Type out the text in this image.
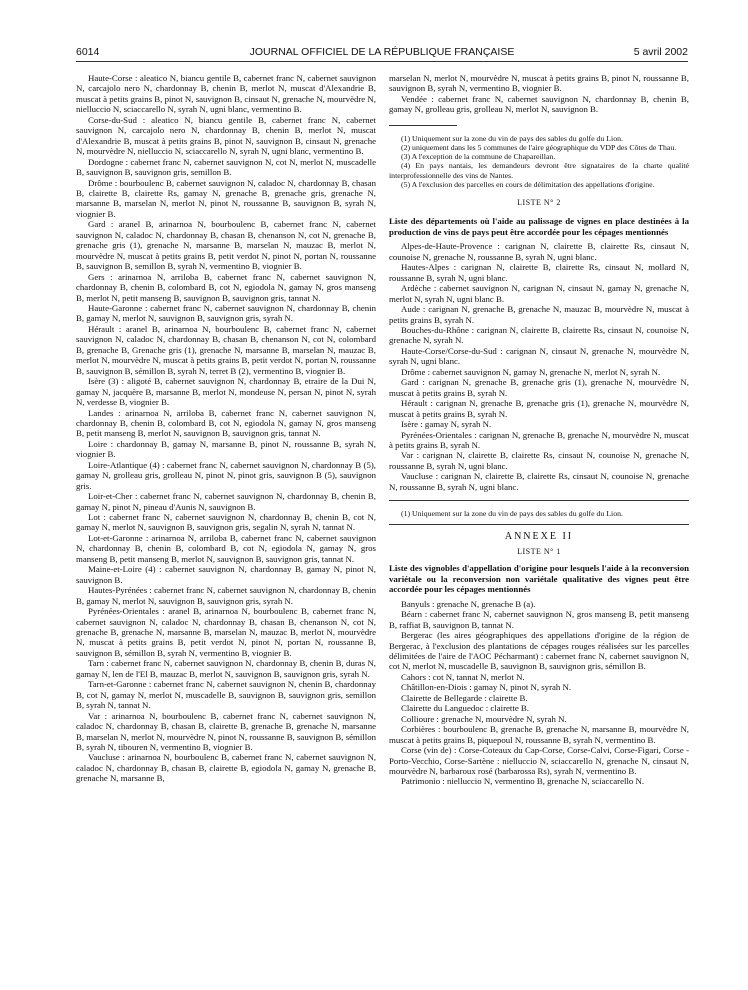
6014	JOURNAL OFFICIEL DE LA RÉPUBLIQUE FRANÇAISE	5 avril 2002

Haute-Corse : aleatico N, biancu gentile B, cabernet franc N, cabernet sauvignon N, carcajolo nero N, chardonnay B, chenin B, merlot N, muscat d'Alexandrie B, muscat à petits grains B, pinot N, sauvignon B, cinsaut N, grenache N, mourvèdre N, nielluccio N, sciaccarello N, syrah N, ugni blanc, vermentino B.

Corse-du-Sud : aleatico N, biancu gentile B, cabernet franc N, cabernet sauvignon N, carcajolo nero N, chardonnay B, chenin B, merlot N, muscat d'Alexandrie B, muscat à petits grains B, pinot N, sauvignon B, cinsaut N, grenache N, mourvèdre N, nielluccio N, sciaccarello N, syrah N, ugni blanc, vermentino B.

Dordogne : cabernet franc N, cabernet sauvignon N, cot N, merlot N, muscadelle B, sauvignon B, sauvignon gris, semillon B.

Drôme : bourboulenc B, cabernet sauvignon N, caladoc N, chardonnay B, chasan B, clairette B, clairette Rs, gamay N, grenache B, grenache gris, grenache N, marsanne B, marselan N, merlot N, pinot N, roussanne B, sauvignon B, syrah N, viognier B.

Gard : aranel B, arinarnoa N, bourboulenc B, cabernet franc N, cabernet sauvignon N, caladoc N, chardonnay B, chasan B, chenanson N, cot N, grenache B, grenache gris (1), grenache N, marsanne B, marselan N, mauzac B, merlot N, mourvèdre N, muscat à petits grains B, petit verdot N, pinot N, portan N, roussanne B, sauvignon B, semillon B, syrah N, vermentino B, viognier B.

Gers : arinarnoa N, arriloba B, cabernet franc N, cabernet sauvignon N, chardonnay B, chenin B, colombard B, cot N, egiodola N, gamay N, gros manseng B, merlot N, petit manseng B, sauvignon B, sauvignon gris, tannat N.

Haute-Garonne : cabernet franc N, cabernet sauvignon N, chardonnay B, chenin B, gamay N, merlot N, sauvignon B, sauvignon gris, syrah N.

Hérault : aranel B, arinarnoa N, bourboulenc B, cabernet franc N, cabernet sauvignon N, caladoc N, chardonnay B, chasan B, chenanson N, cot N, colombard B, grenache B, Grenache gris (1), grenache N, marsanne B, marselan N, mauzac B, merlot N, mourvèdre N, muscat à petits grains B, petit verdot N, portan N, roussanne B, sauvignon B, sémillon B, syrah N, terret B (2), vermentino B, viognier B.

Isère (3) : aligoté B, cabernet sauvignon N, chardonnay B, etraire de la Dui N, gamay N, jacquère B, marsanne B, merlot N, mondeuse N, persan N, pinot N, syrah N, verdesse B, viognier B.

Landes : arinarnoa N, arriloba B, cabernet franc N, cabernet sauvignon N, chardonnay B, chenin B, colombard B, cot N, egiodola N, gamay N, gros manseng B, petit manseng B, merlot N, sauvignon B, sauvignon gris, tannat N.

Loire : chardonnay B, gamay N, marsanne B, pinot N, roussanne B, syrah N, viognier B.

Loire-Atlantique (4) : cabernet franc N, cabernet sauvignon N, chardonnay B (5), gamay N, grolleau gris, grolleau N, pinot N, pinot gris, sauvignon B (5), sauvignon gris.

Loir-et-Cher : cabernet franc N, cabernet sauvignon N, chardonnay B, chenin B, gamay N, pinot N, pineau d'Aunis N, sauvignon B.

Lot : cabernet franc N, cabernet sauvignon N, chardonnay B, chenin B, cot N, gamay N, merlot N, sauvignon B, sauvignon gris, segalin N, syrah N, tannat N.

Lot-et-Garonne : arinarnoa N, arriloba B, cabernet franc N, cabernet sauvignon N, chardonnay B, chenin B, colombard B, cot N, egiodola N, gamay N, gros manseng B, petit manseng B, merlot N, sauvignon B, sauvignon gris, tannat N.

Maine-et-Loire (4) : cabernet sauvignon N, chardonnay B, gamay N, pinot N, sauvignon B.

Hautes-Pyrénées : cabernet franc N, cabernet sauvignon N, chardonnay B, chenin B, gamay N, merlot N, sauvignon B, sauvignon gris, syrah N.

Pyrénées-Orientales : aranel B, arinarnoa N, bourboulenc B, cabernet franc N, cabernet sauvignon N, caladoc N, chardonnay B, chasan B, chenanson N, cot N, grenache B, grenache N, marsanne B, marselan N, mauzac B, merlot N, mourvèdre N, muscat à petits grains B, petit verdot N, pinot N, portan N, roussanne B, sauvignon B, sémillon B, syrah N, vermentino B, viognier B.

Tarn : cabernet franc N, cabernet sauvignon N, chardonnay B, chenin B, duras N, gamay N, len de l'El B, mauzac B, merlot N, sauvignon B, sauvignon gris, syrah N.

Tarn-et-Garonne : cabernet franc N, cabernet sauvignon N, chenin B, chardonnay B, cot N, gamay N, merlot N, muscadelle B, sauvignon B, sauvignon gris, semillon B, syrah N, tannat N.

Var : arinarnoa N, bourboulenc B, cabernet franc N, cabernet sauvignon N, caladoc N, chardonnay B, chasan B, clairette B, grenache B, grenache N, marsanne B, marselan N, merlot N, mourvèdre N, pinot N, roussanne B, sauvignon B, sémillon B, syrah N, tibouren N, vermentino B, viognier B.

Vaucluse : arinarnoa N, bourboulenc B, cabernet franc N, cabernet sauvignon N, caladoc N, chardonnay B, chasan B, clairette B, egiodola N, gamay N, grenache B, grenache N, marsanne B,

marselan N, merlot N, mourvèdre N, muscat à petits grains B, pinot N, roussanne B, sauvignon B, syrah N, vermentino B, viognier B.

Vendée : cabernet franc N, cabernet sauvignon N, chardonnay B, chenin B, gamay N, grolleau gris, grolleau N, merlot N, sauvignon B.

(1) Uniquement sur la zone du vin de pays des sables du golfe du Lion.

(2) uniquement dans les 5 communes de l'aire géographique du VDP des Côtes de Thau.

(3) A l'exception de la commune de Chapareillan.

(4) En pays nantais, les demandeurs devront être signataires de la charte qualité interprofessionnelle des vins de Nantes.

(5) A l'exclusion des parcelles en cours de délimitation des appellations d'origine.

LISTE N° 2

Liste des départements où l'aide au palissage de vignes en place destinées à la production de vins de pays peut être accordée pour les cépages mentionnés

Alpes-de-Haute-Provence : carignan N, clairette B, clairette Rs, cinsaut N, counoise N, grenache N, roussanne B, syrah N, ugni blanc.

Hautes-Alpes : carignan N, clairette B, clairette Rs, cinsaut N, mollard N, roussanne B, syrah N, ugni blanc.

Ardèche : cabernet sauvignon N, carignan N, cinsaut N, gamay N, grenache N, merlot N, syrah N, ugni blanc B.

Aude : carignan N, grenache B, grenache N, mauzac B, mourvèdre N, muscat à petits grains B, syrah N.

Bouches-du-Rhône : carignan N, clairette B, clairette Rs, cinsaut N, counoise N, grenache N, syrah N.

Haute-Corse/Corse-du-Sud : carignan N, cinsaut N, grenache N, mourvèdre N, syrah N, ugni blanc.

Drôme : cabernet sauvignon N, gamay N, grenache N, merlot N, syrah N.

Gard : carignan N, grenache B, grenache gris (1), grenache N, mourvèdre N, muscat à petits grains B, syrah N.

Hérault : carignan N, grenache B, grenache gris (1), grenache N, mourvèdre N, muscat à petits grains B, syrah N.

Isère : gamay N, syrah N.

Pyrénées-Orientales : carignan N, grenache B, grenache N, mourvèdre N, muscat à petits grains B, syrah N.

Var : carignan N, clairette B, clairette Rs, cinsaut N, counoise N, grenache N, roussanne B, syrah N, ugni blanc.

Vaucluse : carignan N, clairette B, clairette Rs, cinsaut N, counoise N, grenache N, roussanne B, syrah N, ugni blanc.

(1) Uniquement sur la zone du vin de pays des sables du golfe du Lion.

ANNEXE II
LISTE N° 1

Liste des vignobles d'appellation d'origine pour lesquels l'aide à la reconversion variétale ou la reconversion non variétale qualitative des vignes peut être accordée pour les cépages mentionnés

Banyuls : grenache N, grenache B (a).

Béarn : cabernet franc N, cabernet sauvignon N, gros manseng B, petit manseng B, raffiat B, sauvignon B, tannat N.

Bergerac (les aires géographiques des appellations d'origine de la région de Bergerac, à l'exclusion des plantations de cépages rouges réalisées sur les parcelles délimitées de l'aire de l'AOC Pécharmant) : cabernet franc N, cabernet sauvignon N, cot N, merlot N, muscadelle B, sauvignon B, sauvignon gris, sémillon B.

Cahors : cot N, tannat N, merlot N.

Châtillon-en-Diois : gamay N, pinot N, syrah N.

Clairette de Bellegarde : clairette B.

Clairette du Languedoc : clairette B.

Collioure : grenache N, mourvèdre N, syrah N.

Corbières : bourboulenc B, grenache B, grenache N, marsanne B, mourvèdre N, muscat à petits grains B, piquepoul N, roussanne B, syrah N, vermentino B.

Corse (vin de) : Corse-Coteaux du Cap-Corse, Corse-Calvi, Corse-Figari, Corse - Porto-Vecchio, Corse-Sartène : nielluccio N, sciaccarello N, grenache N, cinsaut N, mourvèdre N, barbaroux rosé (barbarossa Rs), syrah N, vermentino B.

Patrimonio : nielluccio N, vermentino B, grenache N, sciaccarello N.
